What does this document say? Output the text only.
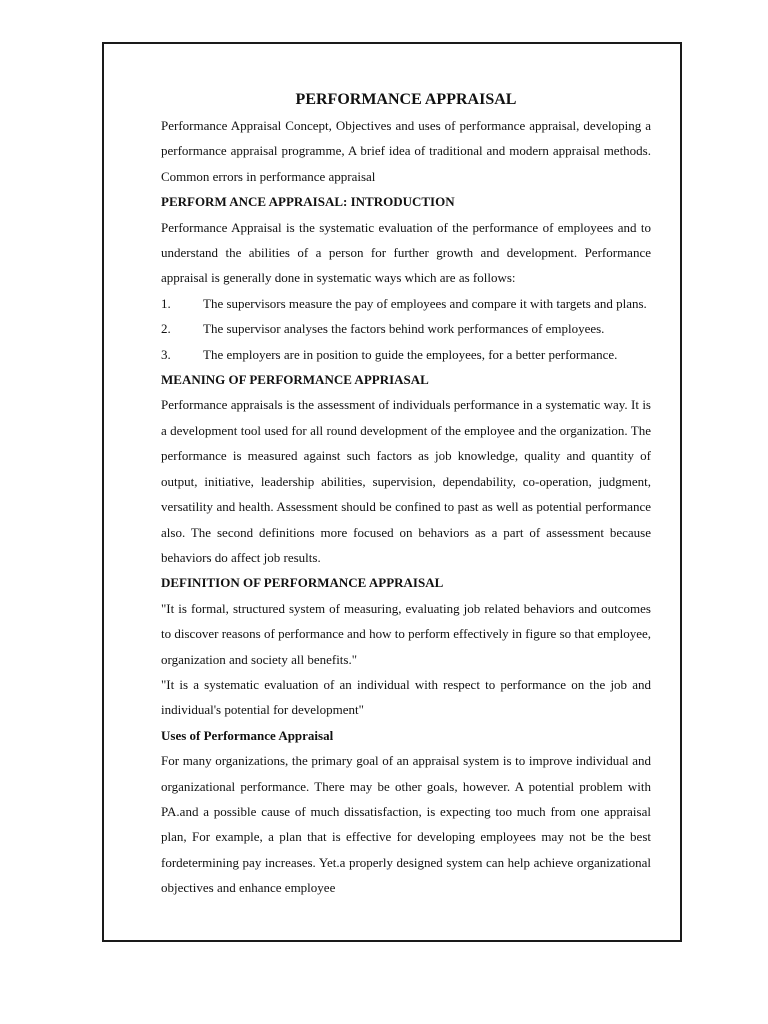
PERFORMANCE APPRAISAL

Performance Appraisal Concept, Objectives and uses of performance appraisal, developing a performance appraisal programme, A brief idea of traditional and modern appraisal methods. Common errors in performance appraisal

PERFORM ANCE APPRAISAL: INTRODUCTION

Performance Appraisal is the systematic evaluation of the performance of employees and to understand the abilities of a person for further growth and development. Performance appraisal is generally done in systematic ways which are as follows:

1. The supervisors measure the pay of employees and compare it with targets and plans.
2. The supervisor analyses the factors behind work performances of employees.
3. The employers are in position to guide the employees, for a better performance.
MEANING OF PERFORMANCE APPRIASAL

Performance appraisals is the assessment of individuals performance in a systematic way. It is a development tool used for all round development of the employee and the organization. The performance is measured against such factors as job knowledge, quality and quantity of output, initiative, leadership abilities, supervision, dependability, co-operation, judgment, versatility and health. Assessment should be confined to past as well as potential performance also. The second definitions more focused on behaviors as a part of assessment because behaviors do affect job results.

DEFINITION OF PERFORMANCE APPRAISAL

"It is formal, structured system of measuring, evaluating job related behaviors and outcomes to discover reasons of performance and how to perform effectively in figure so that employee, organization and society all benefits."

"It is a systematic evaluation of an individual with respect to performance on the job and individual's potential for development"

Uses of Performance Appraisal

For many organizations, the primary goal of an appraisal system is to improve individual and organizational performance. There may be other goals, however. A potential problem with PA.and a possible cause of much dissatisfaction, is expecting too much from one appraisal plan, For example, a plan that is effective for developing employees may not be the best fordetermining pay increases. Yet.a properly designed system can help achieve organizational objectives and enhance employee
